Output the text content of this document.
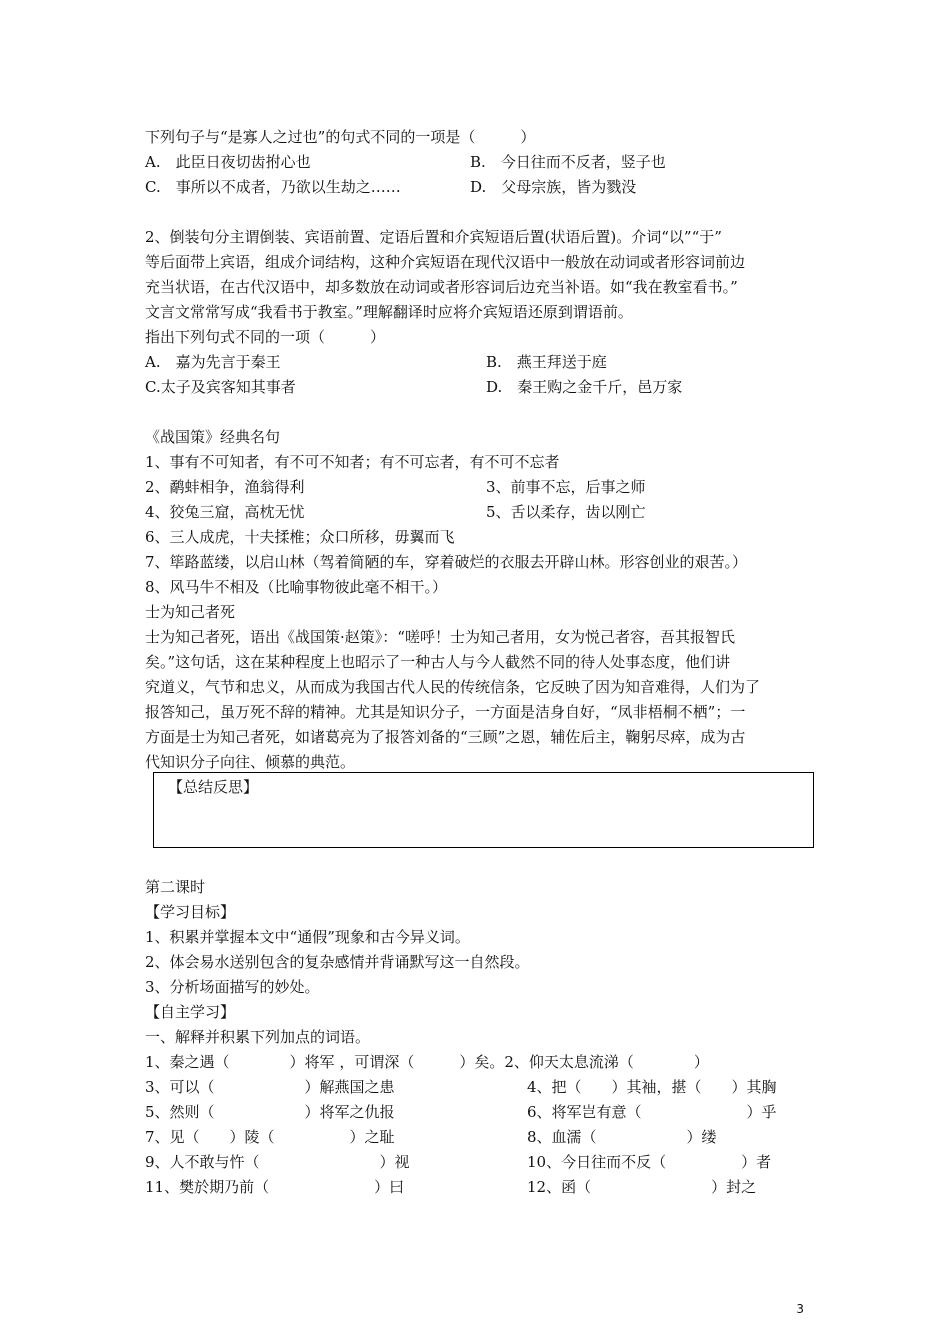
下列句子与“是寡人之过也”的句式不同的一项是（　　　）
A.　此臣日夜切齿拊心也	B.　今日往而不反者，竖子也
C.　事所以不成者，乃欲以生劫之……	D.　父母宗族，皆为戮没
2、倒装句分主谓倒装、宾语前置、定语后置和介宾短语后置(状语后置)。介词“以”“于”
等后面带上宾语，组成介词结构，这种介宾短语在现代汉语中一般放在动词或者形容词前边
充当状语，在古代汉语中，却多数放在动词或者形容词后边充当补语。如“我在教室看书。”
文言文常常写成“我看书于教室。”理解翻译时应将介宾短语还原到谓语前。
指出下列句式不同的一项（　　　）
A.　嘉为先言于秦王	B.　燕王拜送于庭
C.太子及宾客知其事者	D.　秦王购之金千斤，邑万家
《战国策》经典名句
1、事有不可知者，有不可不知者；有不可忘者，有不可不忘者
2、鹬蚌相争，渔翁得利	3、前事不忘，后事之师
4、狡兔三窟，高枕无忧	5、舌以柔存，齿以刚亡
6、三人成虎，十夫揉椎；众口所移，毋翼而飞
7、筚路蓝缕，以启山林（驾着简陋的车，穿着破烂的衣服去开辟山林。形容创业的艰苦。）
8、风马牛不相及（比喻事物彼此毫不相干。）
士为知己者死
士为知己者死，语出《战国策·赵策》：“嗟呼！士为知己者用，女为悦己者容，吾其报智氏
矣。”这句话，这在某种程度上也昭示了一种古人与今人截然不同的待人处事态度，他们讲
究道义，气节和忠义，从而成为我国古代人民的传统信条，它反映了因为知音难得，人们为了
报答知己，虽万死不辞的精神。尤其是知识分子，一方面是洁身自好，“凤非梧桐不栖”；一
方面是士为知己者死，如诸葛亮为了报答刘备的“三顾”之恩，辅佐后主，鞠躬尽瘁，成为古
代知识分子向往、倾慕的典范。
【总结反思】
第二课时
【学习目标】
1、积累并掌握本文中“通假”现象和古今异义词。
2、体会易水送别包含的复杂感情并背诵默写这一自然段。
3、分析场面描写的妙处。
【自主学习】
一、解释并积累下列加点的词语。
1、秦之遇（　　　　）将军 ，可谓深（　　　）矣。2、仰天太息流涕（　　　　）
3、可以（　　　　　　）解燕国之患	4、把（　　）其袖，揕（　　）其胸
5、然则（　　　　　　）将军之仇报	6、将军岂有意（　　　　　　　）乎
7、见（　　）陵（　　　　　）之耻	8、血濡（　　　　　　）缕
9、人不敢与忤（　　　　　　　　）视	10、今日往而不反（　　　　　）者
11、樊於期乃前（　　　　　　　）曰	12、函（　　　　　　　　）封之
3
